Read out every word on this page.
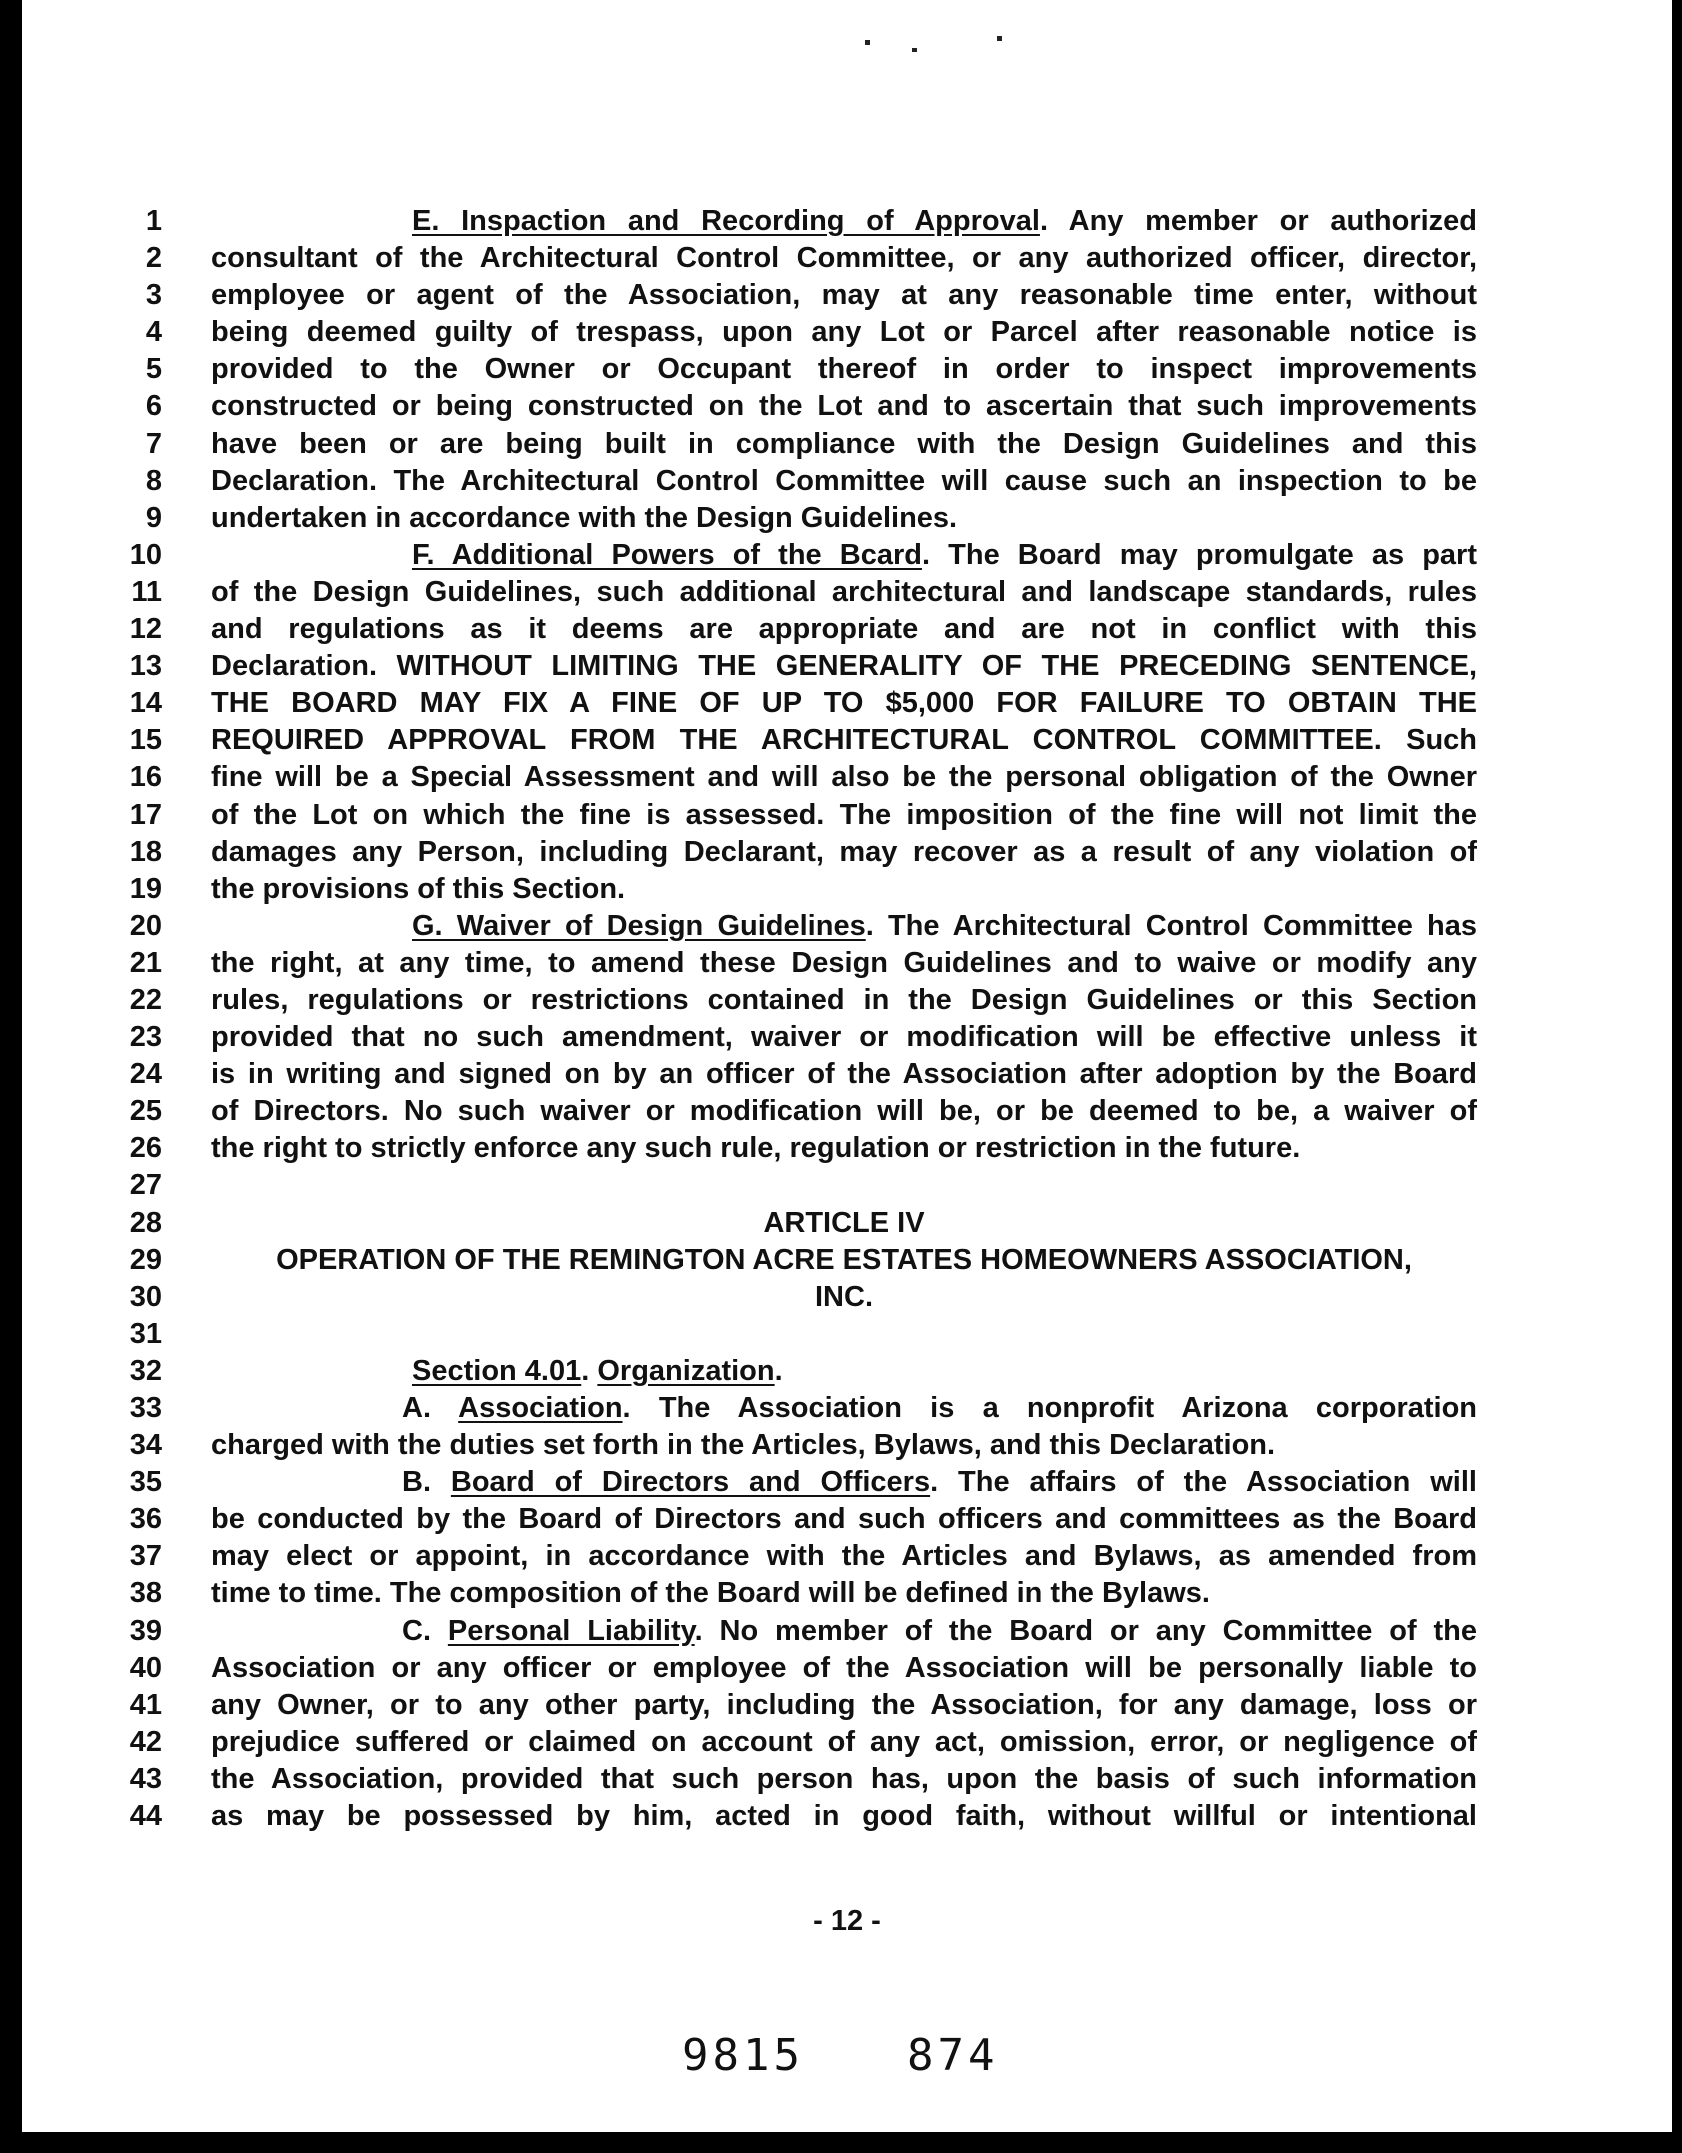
1	E. Inspaction and Recording of Approval. Any member or authorized
2 consultant of the Architectural Control Committee, or any authorized officer, director,
3 employee or agent of the Association, may at any reasonable time enter, without
4 being deemed guilty of trespass, upon any Lot or Parcel after reasonable notice is
5 provided to the Owner or Occupant thereof in order to inspect improvements
6 constructed or being constructed on the Lot and to ascertain that such improvements
7 have been or are being built in compliance with the Design Guidelines and this
8 Declaration. The Architectural Control Committee will cause such an inspection to be
9 undertaken in accordance with the Design Guidelines.
10	F. Additional Powers of the Bcard. The Board may promulgate as part
11 of the Design Guidelines, such additional architectural and landscape standards, rules
12 and regulations as it deems are appropriate and are not in conflict with this
13 Declaration. WITHOUT LIMITING THE GENERALITY OF THE PRECEDING SENTENCE,
14 THE BOARD MAY FIX A FINE OF UP TO $5,000 FOR FAILURE TO OBTAIN THE
15 REQUIRED APPROVAL FROM THE ARCHITECTURAL CONTROL COMMITTEE. Such
16 fine will be a Special Assessment and will also be the personal obligation of the Owner
17 of the Lot on which the fine is assessed. The imposition of the fine will not limit the
18 damages any Person, including Declarant, may recover as a result of any violation of
19 the provisions of this Section.
20	G. Waiver of Design Guidelines. The Architectural Control Committee has
21 the right, at any time, to amend these Design Guidelines and to waive or modify any
22 rules, regulations or restrictions contained in the Design Guidelines or this Section
23 provided that no such amendment, waiver or modification will be effective unless it
24 is in writing and signed on by an officer of the Association after adoption by the Board
25 of Directors. No such waiver or modification will be, or be deemed to be, a waiver of
26 the right to strictly enforce any such rule, regulation or restriction in the future.
27
28	ARTICLE IV
29	OPERATION OF THE REMINGTON ACRE ESTATES HOMEOWNERS ASSOCIATION,
30	INC.
31
32	Section 4.01. Organization.
33	A. Association. The Association is a nonprofit Arizona corporation
34 charged with the duties set forth in the Articles, Bylaws, and this Declaration.
35	B. Board of Directors and Officers. The affairs of the Association will
36 be conducted by the Board of Directors and such officers and committees as the Board
37 may elect or appoint, in accordance with the Articles and Bylaws, as amended from
38 time to time. The composition of the Board will be defined in the Bylaws.
39	C. Personal Liability. No member of the Board or any Committee of the
40 Association or any officer or employee of the Association will be personally liable to
41 any Owner, or to any other party, including the Association, for any damage, loss or
42 prejudice suffered or claimed on account of any act, omission, error, or negligence of
43 the Association, provided that such person has, upon the basis of such information
44 as may be possessed by him, acted in good faith, without willful or intentional
- 12 -
9815 874
